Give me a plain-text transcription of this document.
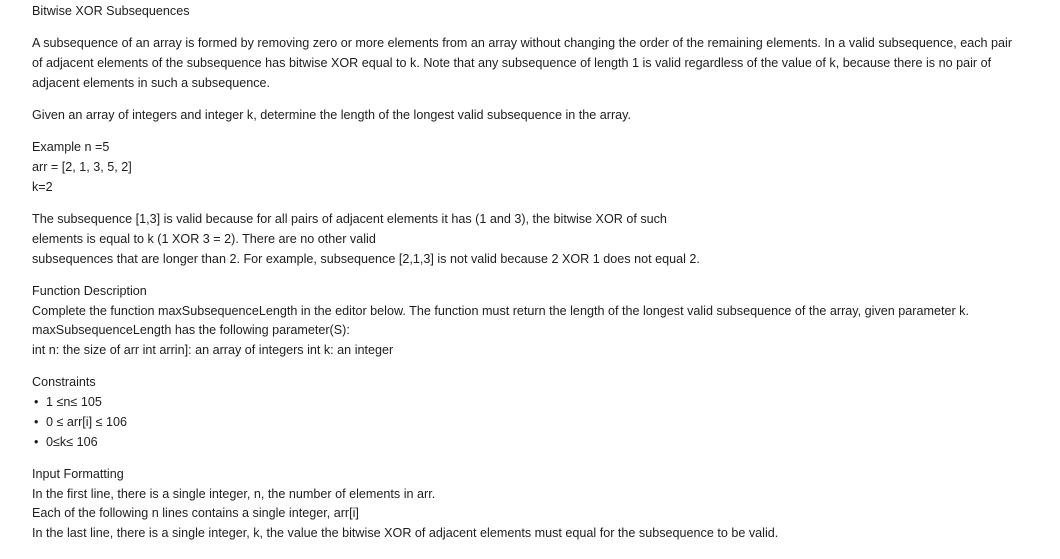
Bitwise XOR Subsequences
A subsequence of an array is formed by removing zero or more elements from an array without changing the order of the remaining elements. In a valid subsequence, each pair
of adjacent elements of the subsequence has bitwise XOR equal to k. Note that any subsequence of length 1 is valid regardless of the value of k, because there is no pair of
adjacent elements in such a subsequence.
Given an array of integers and integer k, determine the length of the longest valid subsequence in the array.
Example n =5
arr = [2, 1, 3, 5, 2]
k=2
The subsequence [1,3] is valid because for all pairs of adjacent elements it has (1 and 3), the bitwise XOR of such
elements is equal to k (1 XOR 3 = 2). There are no other valid
subsequences that are longer than 2. For example, subsequence [2,1,3] is not valid because 2 XOR 1 does not equal 2.
Function Description
Complete the function maxSubsequenceLength in the editor below. The function must return the length of the longest valid subsequence of the array, given parameter k.
maxSubsequenceLength has the following parameter(S):
int n: the size of arr int arrin]: an array of integers int k: an integer
Constraints
• 1 ≤n≤ 105
• 0 ≤ arr[i] ≤ 106
• 0≤k≤ 106
Input Formatting
In the first line, there is a single integer, n, the number of elements in arr.
Each of the following n lines contains a single integer, arr[i]
In the last line, there is a single integer, k, the value the bitwise XOR of adjacent elements must equal for the subsequence to be valid.
